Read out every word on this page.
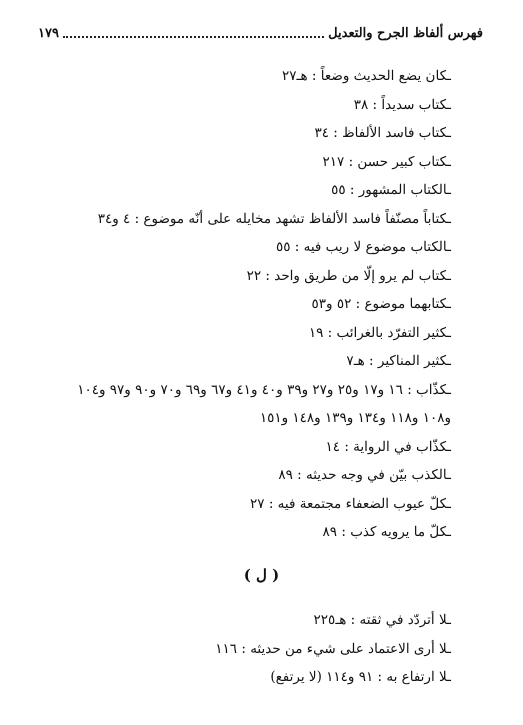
فهرس ألفاظ الجرح والتعديل
١٧٩
ـكان يضع الحديث وضعاً : هـ٢٧
ـكتاب سديداً : ٣٨
ـكتاب فاسد الألفاظ : ٣٤
ـكتاب كبير حسن : ٢١٧
ـالكتاب المشهور : ٥٥
ـكتاباً مصنّفاً فاسد الألفاظ تشهد مخايله على أنّه موضوع : ٤ و٣٤
ـالكتاب موضوع لا ريب فيه : ٥٥
ـكتاب لم يرو إلّا من طريق واحد : ٢٢
ـكتابهما موضوع : ٥٢ و٥٣
ـكثير التفرّد بالغرائب : ١٩
ـكثير المناكير : هـ٧
ـكذّاب : ١٦ و١٧ و٢٥ و٢٧ و٣٩ و٤٠ و٤١ و٦٧ و٦٩ و٧٠ و٩٠ و٩٧ و١٠٤
و١٠٨ و١١٨ و١٣٤ و١٣٩ و١٤٨ و١٥١
ـكذّاب في الرواية : ١٤
ـالكذب بيّن في وجه حديثه : ٨٩
ـكلّ عيوب الضعفاء مجتمعة فيه : ٢٧
ـكلّ ما يرويه كذب : ٨٩
( ل )
ـلا أتردّد في ثقته : هـ٢٢٥
ـلا أرى الاعتماد على شيء من حديثه : ١١٦
ـلا ارتفاع به : ٩١ و١١٤ (لا يرتفع)
